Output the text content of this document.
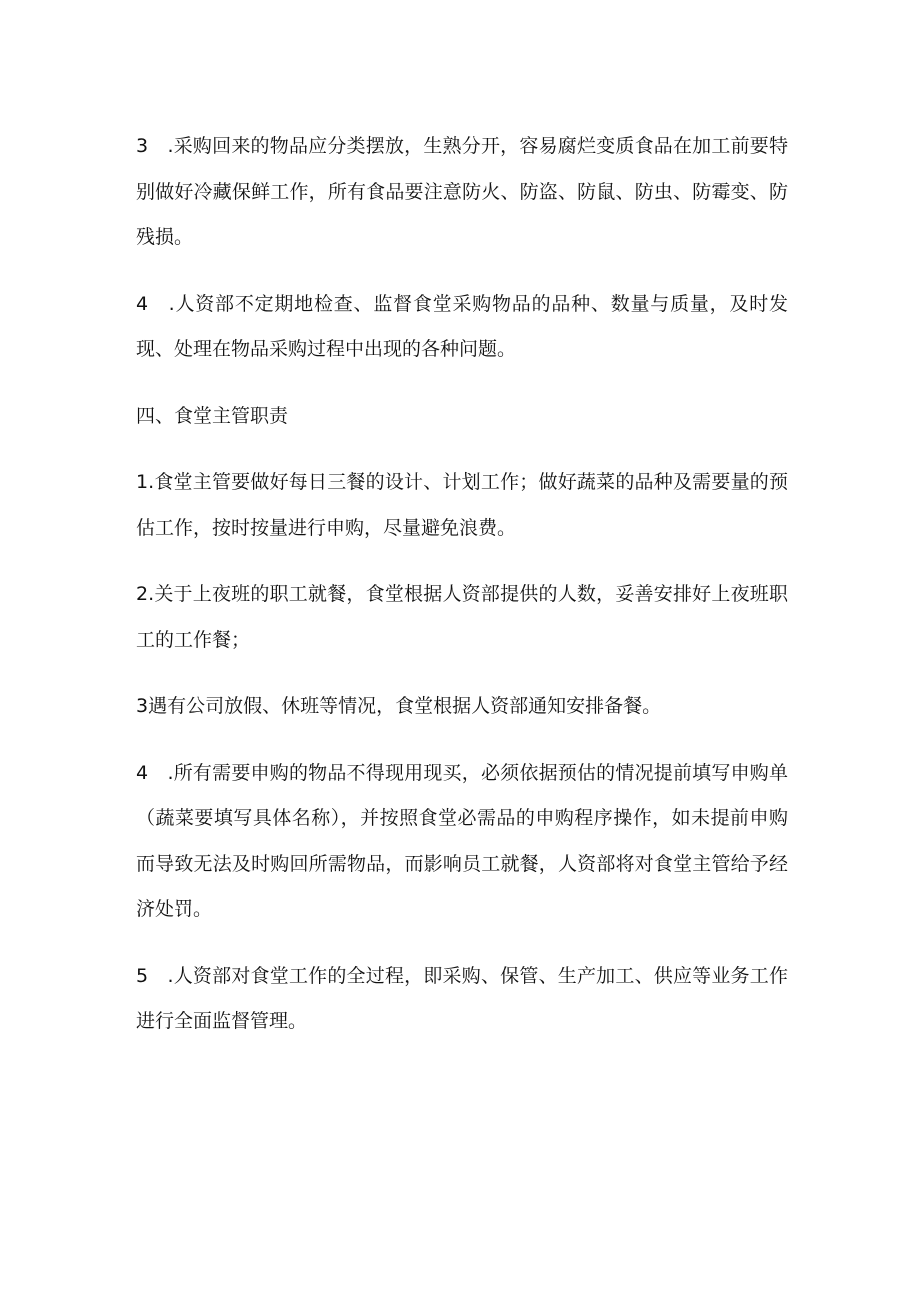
3　.采购回来的物品应分类摆放，生熟分开，容易腐烂变质食品在加工前要特别做好冷藏保鲜工作，所有食品要注意防火、防盗、防鼠、防虫、防霉变、防残损。

4　.人资部不定期地检查、监督食堂采购物品的品种、数量与质量，及时发现、处理在物品采购过程中出现的各种问题。

四、食堂主管职责

1.食堂主管要做好每日三餐的设计、计划工作；做好蔬菜的品种及需要量的预估工作，按时按量进行申购，尽量避免浪费。

2.关于上夜班的职工就餐，食堂根据人资部提供的人数，妥善安排好上夜班职工的工作餐；

3遇有公司放假、休班等情况，食堂根据人资部通知安排备餐。

4　.所有需要申购的物品不得现用现买，必须依据预估的情况提前填写申购单（蔬菜要填写具体名称），并按照食堂必需品的申购程序操作，如未提前申购而导致无法及时购回所需物品，而影响员工就餐，人资部将对食堂主管给予经济处罚。

5　.人资部对食堂工作的全过程，即采购、保管、生产加工、供应等业务工作进行全面监督管理。
